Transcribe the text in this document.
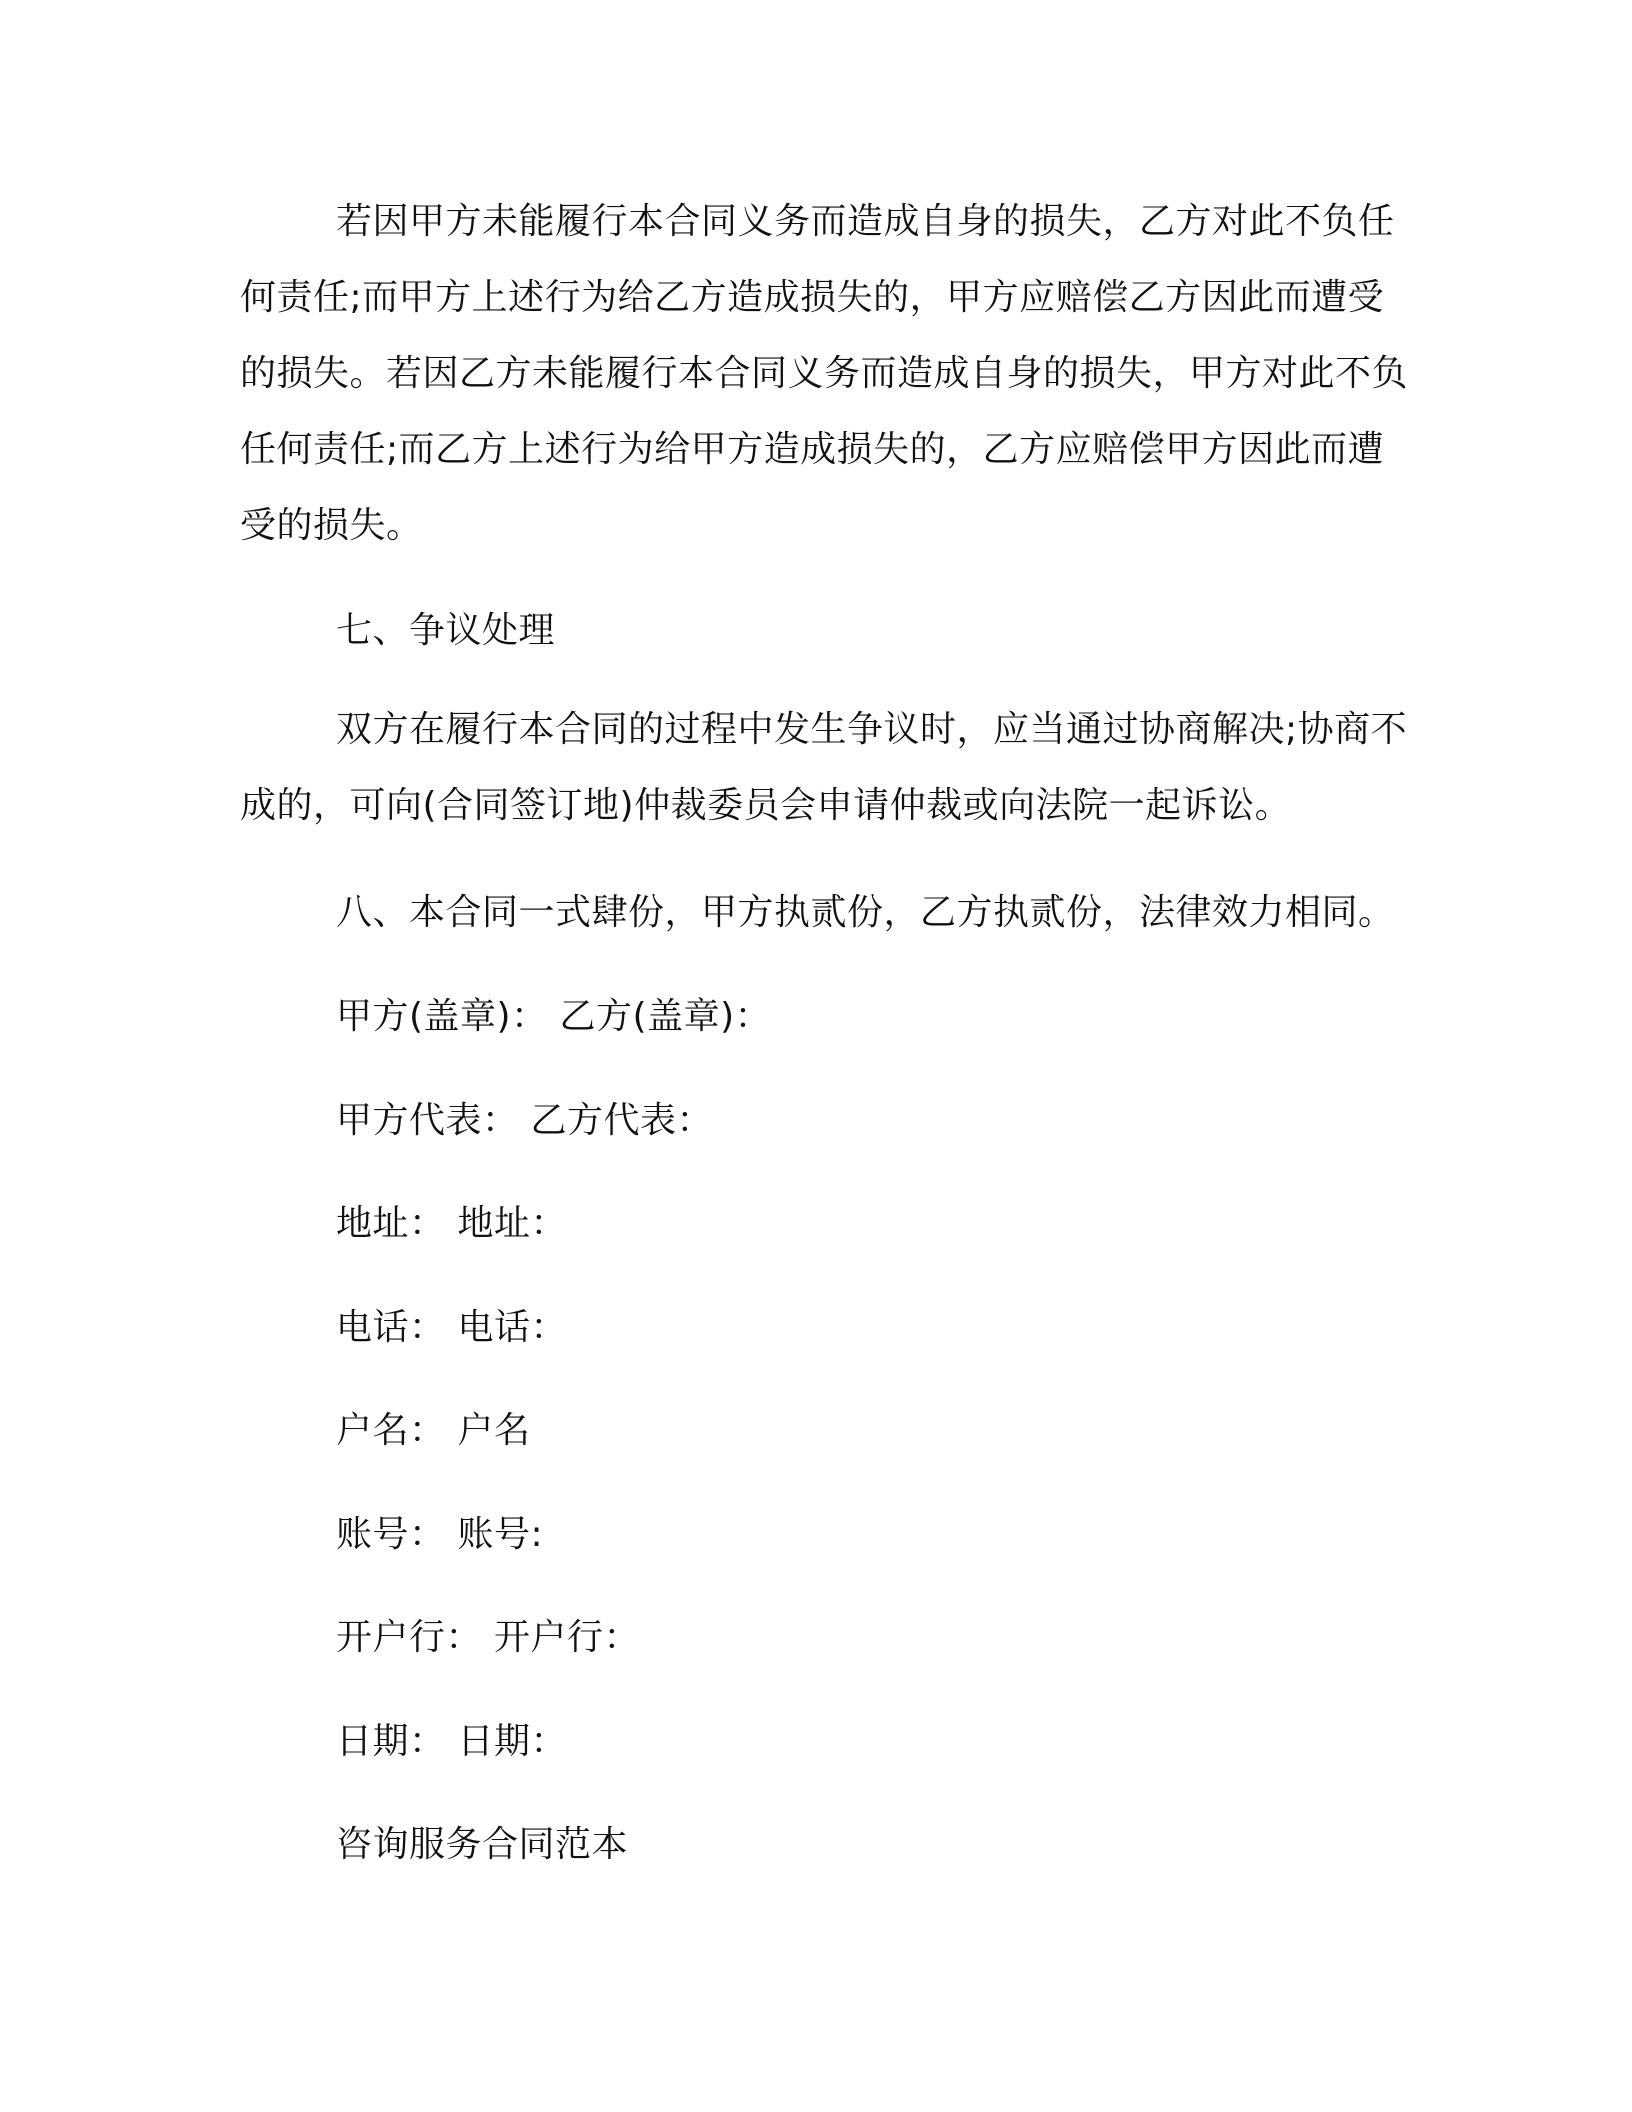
若因甲方未能履行本合同义务而造成自身的损失，乙方对此不负任何责任;而甲方上述行为给乙方造成损失的，甲方应赔偿乙方因此而遭受的损失。若因乙方未能履行本合同义务而造成自身的损失，甲方对此不负任何责任;而乙方上述行为给甲方造成损失的，乙方应赔偿甲方因此而遭受的损失。

七、争议处理

双方在履行本合同的过程中发生争议时，应当通过协商解决;协商不成的，可向(合同签订地)仲裁委员会申请仲裁或向法院一起诉讼。

八、本合同一式肆份，甲方执贰份，乙方执贰份，法律效力相同。

甲方(盖章)： 乙方(盖章)：

甲方代表： 乙方代表：

地址： 地址：

电话： 电话：

户名： 户名

账号： 账号:

开户行： 开户行：

日期： 日期：

咨询服务合同范本
